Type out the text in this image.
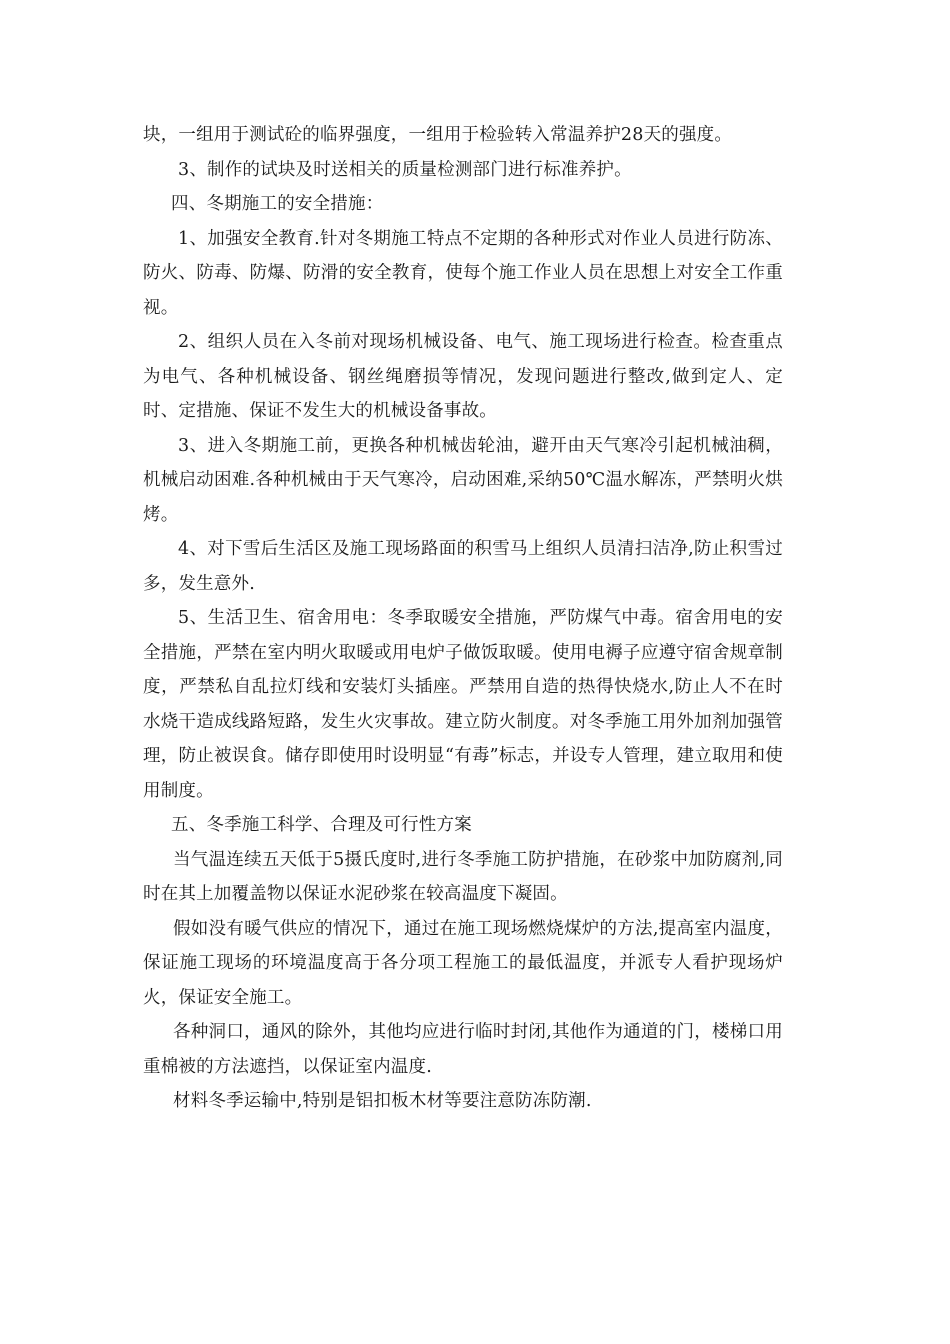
块，一组用于测试砼的临界强度，一组用于检验转入常温养护28天的强度。

3、制作的试块及时送相关的质量检测部门进行标准养护。

四、冬期施工的安全措施：

1、加强安全教育.针对冬期施工特点不定期的各种形式对作业人员进行防冻、防火、防毒、防爆、防滑的安全教育，使每个施工作业人员在思想上对安全工作重视。

2、组织人员在入冬前对现场机械设备、电气、施工现场进行检查。检查重点为电气、各种机械设备、钢丝绳磨损等情况，发现问题进行整改,做到定人、定时、定措施、保证不发生大的机械设备事故。

3、进入冬期施工前，更换各种机械齿轮油，避开由天气寒冷引起机械油稠，机械启动困难.各种机械由于天气寒冷，启动困难,采纳50℃温水解冻，严禁明火烘烤。

4、对下雪后生活区及施工现场路面的积雪马上组织人员清扫洁净,防止积雪过多，发生意外.

5、生活卫生、宿舍用电：冬季取暖安全措施，严防煤气中毒。宿舍用电的安全措施，严禁在室内明火取暖或用电炉子做饭取暖。使用电褥子应遵守宿舍规章制度，严禁私自乱拉灯线和安装灯头插座。严禁用自造的热得快烧水,防止人不在时水烧干造成线路短路，发生火灾事故。建立防火制度。对冬季施工用外加剂加强管理，防止被误食。储存即使用时设明显“有毒”标志，并设专人管理，建立取用和使用制度。

五、冬季施工科学、合理及可行性方案

当气温连续五天低于5摄氏度时,进行冬季施工防护措施，在砂浆中加防腐剂,同时在其上加覆盖物以保证水泥砂浆在较高温度下凝固。

假如没有暖气供应的情况下，通过在施工现场燃烧煤炉的方法,提高室内温度，保证施工现场的环境温度高于各分项工程施工的最低温度，并派专人看护现场炉火，保证安全施工。

各种洞口，通风的除外，其他均应进行临时封闭,其他作为通道的门，楼梯口用重棉被的方法遮挡，以保证室内温度.

材料冬季运输中,特别是铝扣板木材等要注意防冻防潮.
